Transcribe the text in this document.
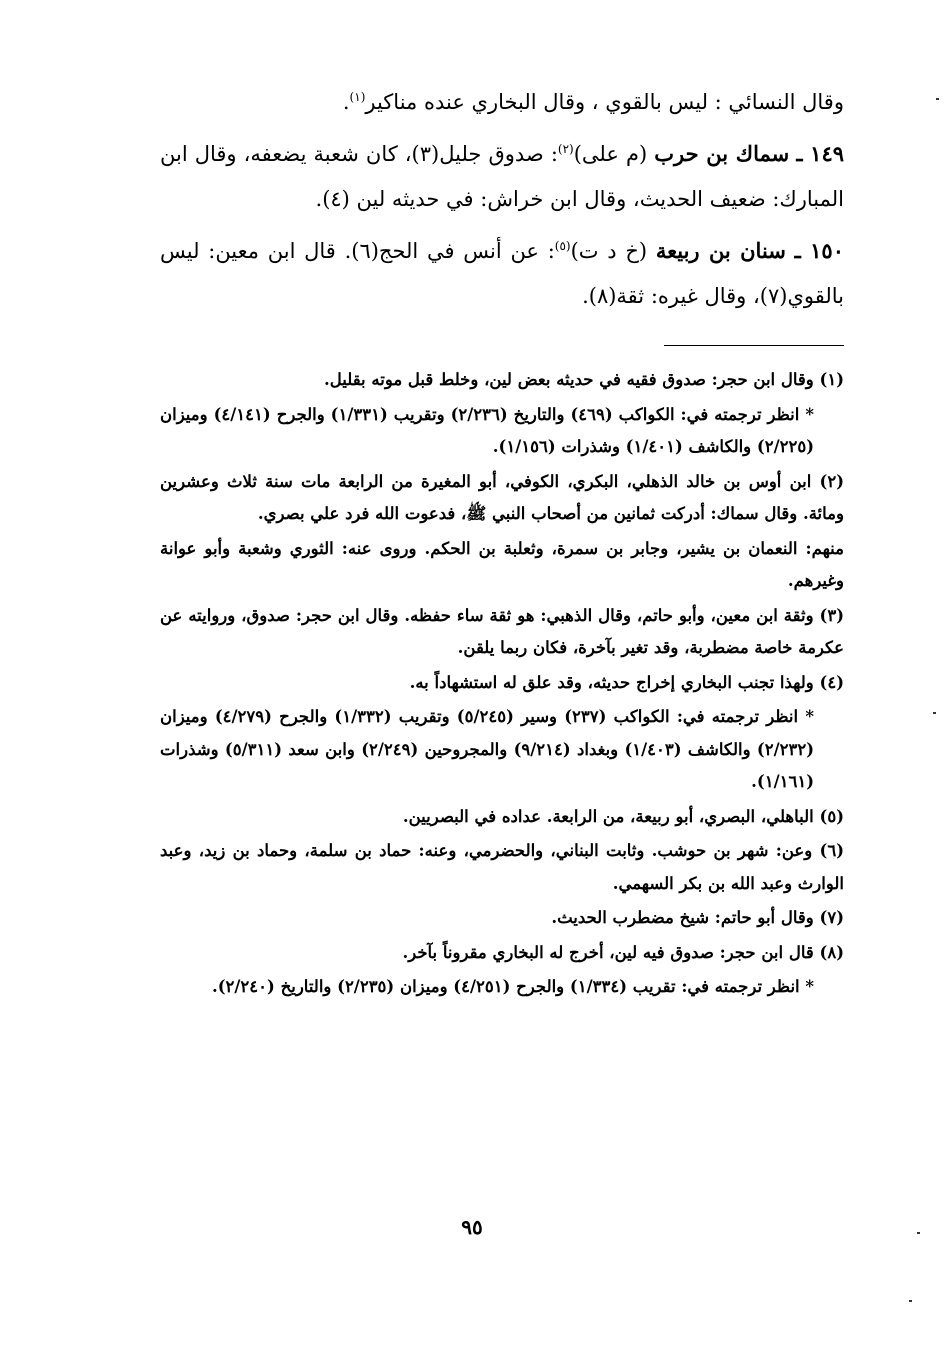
وقال النسائي : ليس بالقوي ، وقال البخاري عنده مناكير$^{(١)}$.

١٤٩ ـ سماك بن حرب (م على)$^{(٢)}$: صدوق جليل(٣)، كان شعبة يضعفه، وقال ابن المبارك: ضعيف الحديث، وقال ابن خراش: في حديثه لين (٤).

١٥٠ ـ سنان بن ربيعة (خ د ت)$^{(٥)}$: عن أنس في الحج(٦). قال ابن معين: ليس بالقوي(٧)، وقال غيره: ثقة(٨).

(١) وقال ابن حجر: صدوق فقيه في حديثه بعض لين، وخلط قبل موته بقليل.

* انظر ترجمته في: الكواكب (٤٦٩) والتاريخ (٢/٢٣٦) وتقريب (١/٣٣١) والجرح (٤/١٤١) وميزان (٢/٢٢٥) والكاشف (١/٤٠١) وشذرات (١/١٥٦).

(٢) ابن أوس بن خالد الذهلي، البكري، الكوفي، أبو المغيرة من الرابعة مات سنة ثلاث وعشرين ومائة. وقال سماك: أدركت ثمانين من أصحاب النبي ﷺ، فدعوت الله فرد علي بصري.

منهم: النعمان بن يشير، وجابر بن سمرة، وثعلبة بن الحكم. وروى عنه: الثوري وشعبة وأبو عوانة وغيرهم.

(٣) وثقة ابن معين، وأبو حاتم، وقال الذهبي: هو ثقة ساء حفظه. وقال ابن حجر: صدوق، وروايته عن عكرمة خاصة مضطربة، وقد تغير بآخرة، فكان ربما يلقن.

(٤) ولهذا تجنب البخاري إخراج حديثه، وقد علق له استشهاداً به.

* انظر ترجمته في: الكواكب (٢٣٧) وسير (٥/٢٤٥) وتقريب (١/٣٣٢) والجرح (٤/٢٧٩) وميزان (٢/٢٣٢) والكاشف (١/٤٠٣) وبغداد (٩/٢١٤) والمجروحين (٢/٢٤٩) وابن سعد (٥/٣١١) وشذرات (١/١٦١).

(٥) الباهلي، البصري، أبو ربيعة، من الرابعة. عداده في البصريين.

(٦) وعن: شهر بن حوشب. وثابت البناني، والحضرمي، وعنه: حماد بن سلمة، وحماد بن زيد، وعبد الوارث وعبد الله بن بكر السهمي.

(٧) وقال أبو حاتم: شيخ مضطرب الحديث.

(٨) قال ابن حجر: صدوق فيه لين، أخرج له البخاري مقروناً بآخر.

* انظر ترجمته في: تقريب (١/٣٣٤) والجرح (٤/٢٥١) وميزان (٢/٢٣٥) والتاريخ (٢/٢٤٠).

٩٥
